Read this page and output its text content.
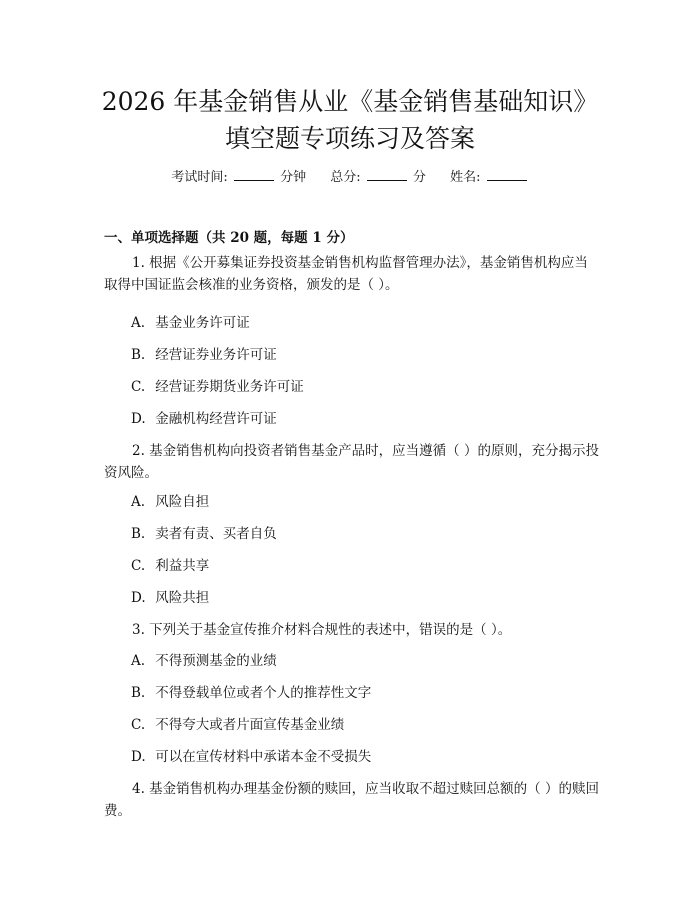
2026 年基金销售从业《基金销售基础知识》
填空题专项练习及答案
考试时间:	分钟 总分:	分 姓名:
一、单项选择题（共 20 题，每题 1 分）

1. 根据《公开募集证券投资基金销售机构监督管理办法》，基金销售机构应当取得中国证监会核准的业务资格，颁发的是（ ）。

A. 基金业务许可证
B. 经营证券业务许可证
C. 经营证券期货业务许可证
D. 金融机构经营许可证

2. 基金销售机构向投资者销售基金产品时，应当遵循（ ）的原则，充分揭示投资风险。

A. 风险自担
B. 卖者有责、买者自负
C. 利益共享
D. 风险共担

3. 下列关于基金宣传推介材料合规性的表述中，错误的是（ ）。

A. 不得预测基金的业绩
B. 不得登载单位或者个人的推荐性文字
C. 不得夸大或者片面宣传基金业绩
D. 可以在宣传材料中承诺本金不受损失

4. 基金销售机构办理基金份额的赎回，应当收取不超过赎回总额的（ ）的赎回费。
